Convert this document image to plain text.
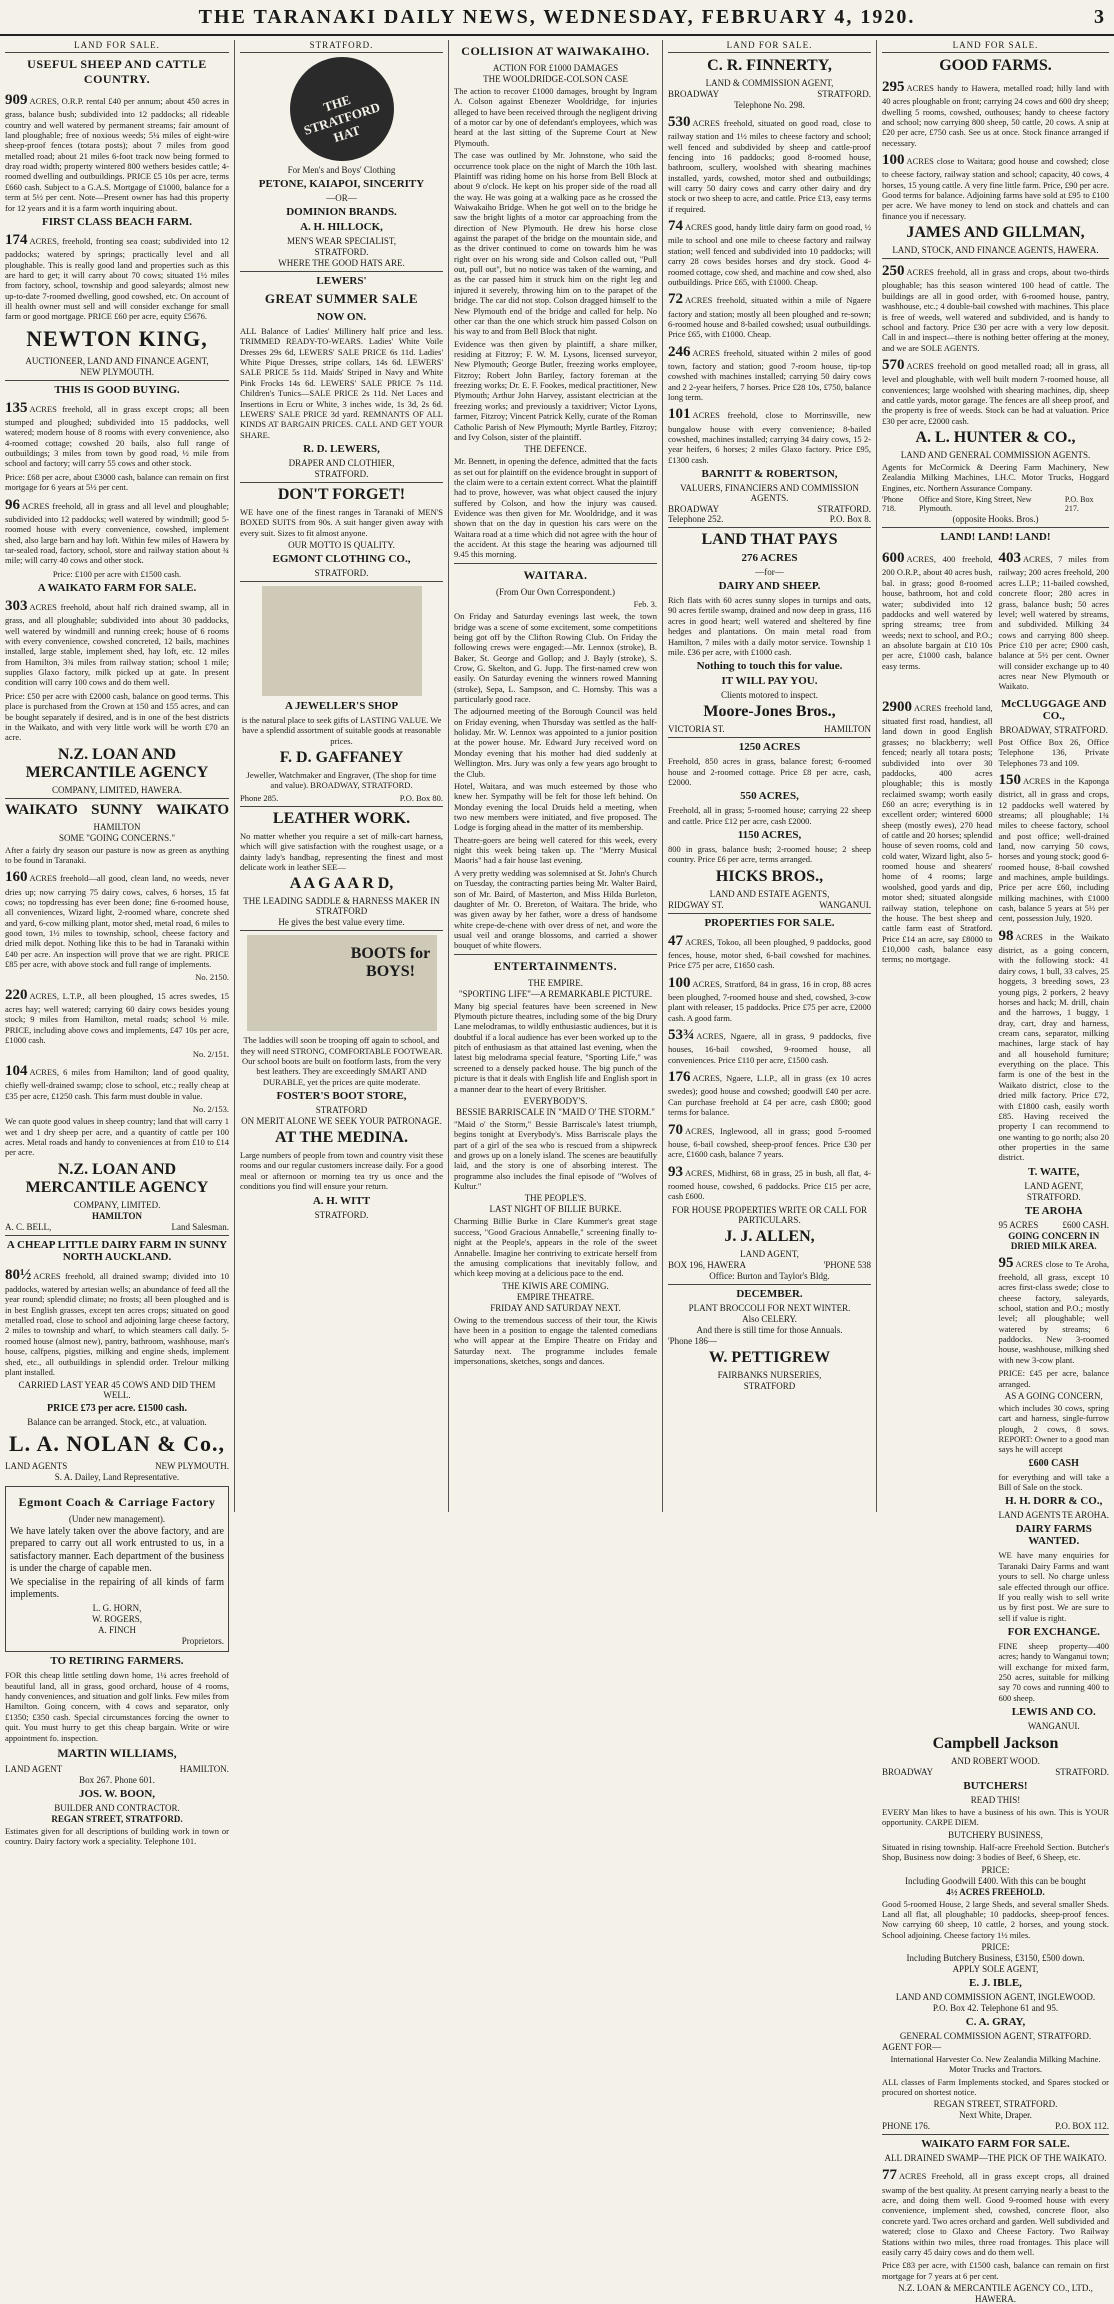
THE TARANAKI DAILY NEWS, WEDNESDAY, FEBRUARY 4, 1920.	3
LAND FOR SALE.
USEFUL SHEEP AND CATTLE COUNTRY.
909 ACRES, O.R.P. rental £40 per annum; about 450 acres in grass, balance bush; subdivided into 12 paddocks; all rideable country and well watered by permanent streams; fair amount of land ploughable; free of noxious weeds; 5¼ miles of eight-wire sheep-proof fences (totara posts); about 7 miles from good metalled road; about 21 miles 6-foot track now being formed to dray road width; property wintered 800 wethers besides cattle; 4-roomed dwelling and outbuildings. PRICE £5 10s per acre, terms £660 cash. Subject to a G.A.S. Mortgage of £1000, balance for a term at 5½ per cent. Note—Present owner has had this property for 12 years and it is a farm worth inquiring about.
FIRST CLASS BEACH FARM.
174 ACRES, freehold, fronting sea coast; subdivided into 12 paddocks; watered by springs; practically level and all ploughable. This is really good land and properties such as this are hard to get; it will carry about 70 cows; situated 1½ miles from factory, school, township and good saleyards; almost new up-to-date 7-roomed dwelling, good cowshed, etc. On account of ill health owner must sell and will consider exchange for small farm or good mortgage. PRICE £60 per acre, equity £5676.
NEWTON KING,
AUCTIONEER, LAND AND FINANCE AGENT,
NEW PLYMOUTH.
THIS IS GOOD BUYING.
135 ACRES freehold, all in grass except crops; all been stumped and ploughed; subdivided into 15 paddocks, well watered; modern house of 8 rooms with every convenience, also 4-roomed cottage; cowshed 20 bails, also full range of outbuildings; 3 miles from town by good road, ½ mile from school and factory; will carry 55 cows and other stock.

Price: £68 per acre, about £3000 cash, balance can remain on first mortgage for 6 years at 5½ per cent.

96 ACRES freehold, all in grass and all level and ploughable; subdivided into 12 paddocks; well watered by windmill; good 5-roomed house with every convenience, cowshed, implement shed, also large barn and hay loft. Within few miles of Hawera by tar-sealed road, factory, school, store and railway station about ¾ mile; will carry 40 cows and other stock.

Price: £100 per acre with £1500 cash.

A WAIKATO FARM FOR SALE.
303 ACRES freehold, about half rich drained swamp, all in grass, and all ploughable; subdivided into about 30 paddocks, well watered by windmill and running creek; house of 6 rooms with every convenience, cowshed concreted, 12 bails, machines installed, large stable, implement shed, hay loft, etc. 12 miles from Hamilton, 3¾ miles from railway station; school 1 mile; supplies Glaxo factory, milk picked up at gate. In present condition will carry 100 cows and do them well.

Price: £50 per acre with £2000 cash, balance on good terms. This place is purchased from the Crown at 150 and 155 acres, and can be bought separately if desired, and is in one of the best districts in the Waikato, and with very little work will be worth £70 an acre.

N.Z. LOAN AND MERCANTILE AGENCY
COMPANY, LIMITED, HAWERA.
WAIKATO SUNNY WAIKATO
HAMILTON
SOME "GOING CONCERNS."

After a fairly dry season our pasture is now as green as anything to be found in Taranaki.

160 ACRES freehold—all good, clean land, no weeds, never dries up; now carrying 75 dairy cows, calves, 6 horses, 15 fat cows; no topdressing has ever been done; fine 6-roomed house, all conveniences, Wizard light, 2-roomed whare, concrete shed and yard, 6-cow milking plant, motor shed, metal road, 6 miles to good town, 1½ miles to township, school, cheese factory and dried milk depot. Nothing like this to be had in Taranaki within £40 per acre. An inspection will prove that we are right. PRICE £85 per acre, with above stock and full range of implements.

No. 2150.

220 ACRES, L.T.P., all been ploughed, 15 acres swedes, 15 acres hay; well watered; carrying 60 dairy cows besides young stock; 9 miles from Hamilton, metal roads; school ½ mile. PRICE, including above cows and implements, £47 10s per acre, £1000 cash.

No. 2/151.

104 ACRES, 6 miles from Hamilton; land of good quality, chiefly well-drained swamp; close to school, etc.; really cheap at £35 per acre, £1250 cash. This farm must double in value.

No. 2/153.

We can quote good values in sheep country; land that will carry 1 wet and 1 dry sheep per acre, and a quantity of cattle per 100 acres. Metal roads and handy to conveniences at from £10 to £14 per acre.

N.Z. LOAN AND MERCANTILE AGENCY
COMPANY, LIMITED.
HAMILTON
A. C. BELL,	Land Salesman.
A CHEAP LITTLE DAIRY FARM IN SUNNY NORTH AUCKLAND.
80½ ACRES freehold, all drained swamp; divided into 10 paddocks, watered by artesian wells; an abundance of feed all the year round; splendid climate; no frosts; all been ploughed and is in best English grasses, except ten acres crops; situated on good metalled road, close to school and adjoining large cheese factory, 2 miles to township and wharf, to which steamers call daily. 5-roomed house (almost new), pantry, bathroom, washhouse, man's house, calfpens, pigsties, milking and engine sheds, implement shed, etc., all outbuildings in splendid order. Trelour milking plant installed.
CARRIED LAST YEAR 45 COWS AND DID THEM WELL.
PRICE £73 per acre. £1500 cash.
Balance can be arranged. Stock, etc., at valuation.
L. A. NOLAN & Co.,
LAND AGENTS	NEW PLYMOUTH.
S. A. Dailey, Land Representative.
Egmont Coach & Carriage Factory
(Under new management).

We have lately taken over the above factory, and are prepared to carry out all work entrusted to us, in a satisfactory manner. Each department of the business is under the charge of capable men.

We specialise in the repairing of all kinds of farm implements.

L. G. HORN,
W. ROGERS,
A. FINCH
Proprietors.
TO RETIRING FARMERS.

FOR this cheap little settling down home, 1¼ acres freehold of beautiful land, all in grass, good orchard, house of 4 rooms, handy conveniences, and situation and golf links. Few miles from Hamilton. Going concern, with 4 cows and separator, only £1350; £350 cash. Special circumstances forcing the owner to quit. You must hurry to get this cheap bargain. Write or wire appointment fo. inspection.

MARTIN WILLIAMS,
LAND AGENT	HAMILTON.
Box 267. Phone 601.
JOS. W. BOON,
BUILDER AND CONTRACTOR.
REGAN STREET, STRATFORD.

Estimates given for all descriptions of building work in town or country. Dairy factory work a speciality. Telephone 101.

STRATFORD.
THE STRATFORD HAT
For Men's and Boys' Clothing
PETONE, KAIAPOI, SINCERITY
—OR—
DOMINION BRANDS.
A. H. HILLOCK,
MEN'S WEAR SPECIALIST,
STRATFORD.
WHERE THE GOOD HATS ARE.
LEWERS'
GREAT SUMMER SALE
NOW ON.

ALL Balance of Ladies' Millinery half price and less. TRIMMED READY-TO-WEARS. Ladies' White Voile Dresses 29s 6d, LEWERS' SALE PRICE 6s 11d. Ladies' White Pique Dresses, stripe collars, 14s 6d. LEWERS' SALE PRICE 5s 11d. Maids' Striped in Navy and White Pink Frocks 14s 6d. LEWERS' SALE PRICE 7s 11d. Children's Tunics—SALE PRICE 2s 11d. Net Laces and Insertions in Ecru or White, 3 inches wide, 1s 3d, 2s 6d. LEWERS' SALE PRICE 3d yard. REMNANTS OF ALL KINDS AT BARGAIN PRICES. CALL AND GET YOUR SHARE.

R. D. LEWERS,
DRAPER AND CLOTHIER,
STRATFORD.
DON'T FORGET!

WE have one of the finest ranges in Taranaki of MEN'S BOXED SUITS from 90s. A suit hanger given away with every suit. Sizes to fit almost anyone.

OUR MOTTO IS QUALITY.
EGMONT CLOTHING CO.,
STRATFORD.
A JEWELLER'S SHOP

is the natural place to seek gifts of LASTING VALUE. We have a splendid assortment of suitable goods at reasonable prices.

F. D. GAFFANEY

Jeweller, Watchmaker and Engraver, (The shop for time and value). BROADWAY, STRATFORD.

Phone 285.	P.O. Box 80.
LEATHER WORK.

No matter whether you require a set of milk-cart harness, which will give satisfaction with the roughest usage, or a dainty lady's handbag, representing the finest and most delicate work in leather SEE—

A A G A A R D,
THE LEADING SADDLE & HARNESS MAKER IN STRATFORD
He gives the best value every time.
BOOTS for BOYS!

The laddies will soon be trooping off again to school, and they will need STRONG, COMFORTABLE FOOTWEAR. Our school boots are built on footform lasts, from the very best leathers. They are exceedingly SMART AND DURABLE, yet the prices are quite moderate.

FOSTER'S BOOT STORE,
STRATFORD
ON MERIT ALONE WE SEEK YOUR PATRONAGE.
AT THE MEDINA.

Large numbers of people from town and country visit these rooms and our regular customers increase daily. For a good meal or afternoon or morning tea try us once and the conditions you find will ensure your return.

A. H. WITT
STRATFORD.
COLLISION AT WAIWAKAIHO.
ACTION FOR £1000 DAMAGES
THE WOOLDRIDGE-COLSON CASE

The action to recover £1000 damages, brought by Ingram A. Colson against Ebenezer Wooldridge, for injuries alleged to have been received through the negligent driving of a motor car by one of defendant's employees, which was heard at the last sitting of the Supreme Court at New Plymouth.

The case was outlined by Mr. Johnstone, who said the occurrence took place on the night of March the 10th last. Plaintiff was riding home on his horse from Bell Block at about 9 o'clock. He kept on his proper side of the road all the way. He was going at a walking pace as he crossed the Waiwakaiho Bridge. When he got well on to the bridge he saw the bright lights of a motor car approaching from the direction of New Plymouth. He drew his horse close against the parapet of the bridge on the mountain side, and as the driver continued to come on towards him he was right over on his wrong side and Colson called out, "Pull out, pull out", but no notice was taken of the warning, and as the car passed him it struck him on the right leg and injured it severely, throwing him on to the parapet of the bridge. The car did not stop. Colson dragged himself to the New Plymouth end of the bridge and called for help. No other car than the one which struck him passed Colson on his way to and from Bell Block that night.

Evidence was then given by plaintiff, a share milker, residing at Fitzroy; F. W. M. Lysons, licensed surveyor, New Plymouth; George Butler, freezing works employee, Fitzroy; Robert John Bartley, factory foreman at the freezing works; Dr. E. F. Fookes, medical practitioner, New Plymouth; Arthur John Harvey, assistant electrician at the freezing works; and previously a taxidriver; Victor Lyons, farmer, Fitzroy; Vincent Patrick Kelly, curate of the Roman Catholic Parish of New Plymouth; Myrtle Bartley, Fitzroy; and Ivy Colson, sister of the plaintiff.

THE DEFENCE.

Mr. Bennett, in opening the defence, admitted that the facts as set out for plaintiff on the evidence brought in support of the claim were to a certain extent correct. What the plaintiff had to prove, however, was what object caused the injury suffered by Colson, and how the injury was caused. Evidence was then given for Mr. Wooldridge, and it was shown that on the day in question his cars were on the Waitara road at a time which did not agree with the hour of the accident. At this stage the hearing was adjourned till 9.45 this morning.

WAITARA.
(From Our Own Correspondent.)

Feb. 3.

On Friday and Saturday evenings last week, the town bridge was a scene of some excitement, some competitions being got off by the Clifton Rowing Club. On Friday the following crews were engaged:—Mr. Lennox (stroke), B. Baker, St. George and Gollop; and J. Bayly (stroke), S. Crow, G. Skelton, and G. Jupp. The first-named crew won easily. On Saturday evening the winners rowed Manning (stroke), Sepa, L. Sampson, and C. Hornsby. This was a particularly good race.

The adjourned meeting of the Borough Council was held on Friday evening, when Thursday was settled as the half-holiday. Mr. W. Lennox was appointed to a junior position at the power house. Mr. Edward Jury received word on Monday evening that his mother had died suddenly at Wellington. Mrs. Jury was only a few years ago brought to the Club.

Hotel, Waitara, and was much esteemed by those who knew her. Sympathy will be felt for those left behind. On Monday evening the local Druids held a meeting, when two new members were initiated, and five proposed. The Lodge is forging ahead in the matter of its membership.

Theatre-goers are being well catered for this week, every night this week being taken up. The "Merry Musical Maoris" had a fair house last evening.

A very pretty wedding was solemnised at St. John's Church on Tuesday, the contracting parties being Mr. Walter Baird, son of Mr. Baird, of Masterton, and Miss Hilda Burleton, daughter of Mr. O. Brereton, of Waitara. The bride, who was given away by her father, wore a dress of handsome white crepe-de-chene with over dress of net, and wore the usual veil and orange blossoms, and carried a shower bouquet of white flowers.

ENTERTAINMENTS.
THE EMPIRE.
"SPORTING LIFE"—A REMARKABLE PICTURE.

Many big special features have been screened in New Plymouth picture theatres, including some of the big Drury Lane melodramas, to wildly enthusiastic audiences, but it is doubtful if a local audience has ever been worked up to the pitch of enthusiasm as that attained last evening, when the latest big melodrama special feature, "Sporting Life," was screened to a densely packed house. The big punch of the picture is that it deals with English life and English sport in a manner dear to the heart of every Britisher.

EVERYBODY'S.
BESSIE BARRISCALE IN "MAID O' THE STORM."

"Maid o' the Storm," Bessie Barriscale's latest triumph, begins tonight at Everybody's. Miss Barriscale plays the part of a girl of the sea who is rescued from a shipwreck and grows up on a lonely island. The scenes are beautifully laid, and the story is one of absorbing interest. The programme also includes the final episode of "Wolves of Kultur."

THE PEOPLE'S.
LAST NIGHT OF BILLIE BURKE.

Charming Billie Burke in Clare Kummer's great stage success, "Good Gracious Annabelle," screening finally to-night at the People's, appears in the role of the sweet Annabelle. Imagine her contriving to extricate herself from the amusing complications that inevitably follow, and which keep moving at a delicious pace to the end.

THE KIWIS ARE COMING.
EMPIRE THEATRE.
FRIDAY AND SATURDAY NEXT.

Owing to the tremendous success of their tour, the Kiwis have been in a position to engage the talented comedians who will appear at the Empire Theatre on Friday and Saturday next. The programme includes female impersonations, sketches, songs and dances.

LAND FOR SALE.
C. R. FINNERTY,
LAND & COMMISSION AGENT,
BROADWAY	STRATFORD.
Telephone No. 298.
530 ACRES freehold, situated on good road, close to railway station and 1½ miles to cheese factory and school; well fenced and subdivided by sheep and cattle-proof fencing into 16 paddocks; good 8-roomed house, bathroom, scullery, woolshed with shearing machines installed, yards, cowshed, motor shed and outbuildings; will carry 50 dairy cows and carry other dairy and dry stock or two sheep to acre, and cattle. Price £13, easy terms if required.
74 ACRES good, handy little dairy farm on good road, ½ mile to school and one mile to cheese factory and railway station; well fenced and subdivided into 10 paddocks; will carry 28 cows besides horses and dry stock. Good 4-roomed cottage, cow shed, and machine and cow shed, also outbuildings. Price £65, with £1000. Cheap.
72 ACRES freehold, situated within a mile of Ngaere factory and station; mostly all been ploughed and re-sown; 6-roomed house and 8-bailed cowshed; usual outbuildings. Price £65, with £1000. Cheap.
246 ACRES freehold, situated within 2 miles of good town, factory and station; good 7-room house, tip-top cowshed with machines installed; carrying 50 dairy cows and 2 2-year heifers, 7 horses. Price £28 10s, £750, balance long term.
101 ACRES freehold, close to Morrinsville, new bungalow house with every convenience; 8-bailed cowshed, machines installed; carrying 34 dairy cows, 15 2-year heifers, 6 horses; 2 miles Glaxo factory. Price £95, £1300 cash.
BARNITT & ROBERTSON,
VALUERS, FINANCIERS AND COMMISSION AGENTS.
BROADWAY	STRATFORD.
Telephone 252.	P.O. Box 8.
LAND THAT PAYS
276 ACRES
—for—
DAIRY AND SHEEP.

Rich flats with 60 acres sunny slopes in turnips and oats, 90 acres fertile swamp, drained and now deep in grass, 116 acres in good heart; well watered and sheltered by fine hedges and plantations. On main metal road from Hamilton, 7 miles with a daily motor service. Township 1 mile. £36 per acre, with £1000 cash.

Nothing to touch this for value.
IT WILL PAY YOU.
Clients motored to inspect.
Moore-Jones Bros.,
VICTORIA ST.	HAMILTON
1250 ACRES

Freehold, 850 acres in grass, balance forest; 6-roomed house and 2-roomed cottage. Price £8 per acre, cash, £2000.

550 ACRES,

Freehold, all in grass; 5-roomed house; carrying 22 sheep and cattle. Price £12 per acre, cash £2000.

1150 ACRES,

800 in grass, balance bush; 2-roomed house; 2 sheep country. Price £6 per acre, terms arranged.

HICKS BROS.,
LAND AND ESTATE AGENTS,
RIDGWAY ST.	WANGANUI.
PROPERTIES FOR SALE.
47 ACRES, Tokoo, all been ploughed, 9 paddocks, good fences, house, motor shed, 6-bail cowshed for machines. Price £75 per acre, £1650 cash.
100 ACRES, Stratford, 84 in grass, 16 in crop, 88 acres been ploughed, 7-roomed house and shed, cowshed, 3-cow plant with releaser, 15 paddocks. Price £75 per acre, £2000 cash. A good farm.
53¾ ACRES, Ngaere, all in grass, 9 paddocks, five houses, 16-bail cowshed, 9-roomed house, all conveniences. Price £110 per acre, £1500 cash.
176 ACRES, Ngaere, L.I.P., all in grass (ex 10 acres swedes); good house and cowshed; goodwill £40 per acre. Can purchase freehold at £4 per acre, cash £800; good terms for balance.
70 ACRES, Inglewood, all in grass; good 5-roomed house, 6-bail cowshed, sheep-proof fences. Price £30 per acre, £1600 cash, balance 7 years.
93 ACRES, Midhirst, 68 in grass, 25 in bush, all flat, 4-roomed house, cowshed, 6 paddocks. Price £15 per acre, cash £600.
FOR HOUSE PROPERTIES WRITE OR CALL FOR PARTICULARS.
J. J. ALLEN,
LAND AGENT,
BOX 196, HAWERA	'PHONE 538
Office: Burton and Taylor's Bldg.
DECEMBER.
PLANT BROCCOLI FOR NEXT WINTER.
Also CELERY.
And there is still time for those Annuals.
'Phone 186—
W. PETTIGREW
FAIRBANKS NURSERIES,
STRATFORD
LAND FOR SALE.
GOOD FARMS.
295 ACRES handy to Hawera, metalled road; hilly land with 40 acres ploughable on front; carrying 24 cows and 600 dry sheep; dwelling 5 rooms, cowshed, outhouses; handy to cheese factory and school; now carrying 800 sheep, 50 cattle, 20 cows. A snip at £20 per acre, £750 cash. See us at once. Stock finance arranged if necessary.
100 ACRES close to Waitara; good house and cowshed; close to cheese factory, railway station and school; capacity, 40 cows, 4 horses, 15 young cattle. A very fine little farm. Price, £90 per acre. Good terms for balance. Adjoining farms have sold at £95 to £100 per acre. We have money to lend on stock and chattels and can finance you if necessary.
JAMES AND GILLMAN,
LAND, STOCK, AND FINANCE AGENTS, HAWERA.
250 ACRES freehold, all in grass and crops, about two-thirds ploughable; has this season wintered 100 head of cattle. The buildings are all in good order, with 6-roomed house, pantry, washhouse, etc.; 4 double-bail cowshed with machines. This place is free of weeds, well watered and subdivided, and is handy to school and factory. Price £30 per acre with a very low deposit. Call in and inspect—there is nothing better offering at the money, and we are SOLE AGENTS.
570 ACRES freehold on good metalled road; all in grass, all level and ploughable, with well built modern 7-roomed house, all conveniences; large woolshed with shearing machines, dip, sheep and cattle yards, motor garage. The fences are all sheep proof, and the property is free of weeds. Stock can be had at valuation. Price £30 per acre, £2000 cash.
A. L. HUNTER & CO.,
LAND AND GENERAL COMMISSION AGENTS.

Agents for McCormick & Deering Farm Machinery, New Zealandia Milking Machines, LH.C. Motor Trucks, Hoggard Engines, etc. Northern Assurance Company.

'Phone 718.
Office and Store, King Street, New Plymouth.
P.O. Box 217.
(opposite Hooks. Bros.)
LAND! LAND! LAND!
600 ACRES, 400 freehold, 200 O.R.P., about 40 acres bush, bal. in grass; good 8-roomed house, bathroom, hot and cold water; subdivided into 12 paddocks and well watered by spring streams; tree from weeds; next to school, and P.O.; an absolute bargain at £10 10s per acre, £1000 cash, balance easy terms.
403 ACRES, 7 miles from railway; 200 acres freehold, 200 acres L.I.P.; 11-bailed cowshed, concrete floor; 280 acres in grass, balance bush; 50 acres level; well watered by streams, and subdivided. Milking 34 cows and carrying 800 sheep. Price £10 per acre; £900 cash, balance at 5½ per cent. Owner will consider exchange up to 40 acres near New Plymouth or Waikato.
2900 ACRES freehold land, situated first road, handiest, all land down in good English grasses; no blackberry; well fenced; nearly all totara posts; subdivided into over 30 paddocks, 400 acres ploughable; this is mostly reclaimed swamp; worth easily £60 an acre; everything is in excellent order; wintered 6000 sheep (mostly ewes), 270 head of cattle and 20 horses; splendid house of seven rooms, cold and cold water, Wizard light, also 5-roomed house and shearers' home of 4 rooms; large woolshed, good yards and dip, motor shed; situated alongside railway station, telephone on the house. The best sheep and cattle farm east of Stratford. Price £14 an acre, say £8000 to £10,000 cash, balance easy terms; no mortgage.
McCLUGGAGE AND CO.,
BROADWAY, STRATFORD.

Post Office Box 26, Office Telephone 136, Private Telephones 73 and 109.

150 ACRES in the Kaponga district, all in grass and crops, 12 paddocks well watered by streams; all ploughable; 1¾ miles to cheese factory, school and post office; well-drained land, now carrying 50 cows, horses and young stock; good 6-roomed house, 8-bail cowshed and machines, ample buildings. Price per acre £60, including milking machines, with £1000 cash, balance 5 years at 5½ per cent, possession July, 1920.
98 ACRES in the Waikato district, as a going concern, with the following stock: 41 dairy cows, 1 bull, 33 calves, 25 hoggets, 3 breeding sows, 23 young pigs, 2 porkers, 2 heavy horses and hack; M. drill, chain and the harrows, 1 buggy, 1 dray, cart, dray and harness, cream cans, separator, milking machines, large stack of hay and all household furniture; everything on the place. This farm is one of the best in the Waikato district, close to the dried milk factory. Price £72, with £1800 cash, easily worth £85. Having received the property I can recommend to one wanting to go north; also 20 other properties in the same district.
T. WAITE,
LAND AGENT,
STRATFORD.
TE AROHA
95 ACRES	£600 CASH.
GOING CONCERN IN DRIED MILK AREA.
95 ACRES close to Te Aroha, freehold, all grass, except 10 acres first-class swede; close to cheese factory, saleyards, school, station and P.O.; mostly level; all ploughable; well watered by streams; 6 paddocks. New 3-roomed house, washhouse, milking shed with new 3-cow plant.

PRICE: £45 per acre, balance arranged.

AS A GOING CONCERN,

which includes 30 cows, spring cart and harness, single-furrow plough, 2 cows, 8 sows. REPORT: Owner to a good man says he will accept

£600 CASH

for everything and will take a Bill of Sale on the stock.

H. H. DORR & CO.,
LAND AGENTS TE AROHA.
DAIRY FARMS WANTED.

WE have many enquiries for Taranaki Dairy Farms and want yours to sell. No charge unless sale effected through our office. If you really wish to sell write us by first post. We are sure to sell if value is right.

FOR EXCHANGE.

FINE sheep property—400 acres; handy to Wanganui town; will exchange for mixed farm, 250 acres, suitable for milking say 70 cows and running 400 to 600 sheep.

LEWIS AND CO.
WANGANUI.
Campbell Jackson
AND ROBERT WOOD.
BROADWAY	STRATFORD.
BUTCHERS!
READ THIS!

EVERY Man likes to have a business of his own. This is YOUR opportunity. CARPE DIEM.

BUTCHERY BUSINESS,

Situated in rising township. Half-acre Freehold Section. Butcher's Shop, Business now doing: 3 bodies of Beef, 6 Sheep, etc.

PRICE:
Including Goodwill £400. With this can be bought
4½ ACRES FREEHOLD.

Good 5-roomed House, 2 large Sheds, and several smaller Sheds. Land all flat, all ploughable; 10 paddocks, sheep-proof fences. Now carrying 60 sheep, 10 cattle, 2 horses, and young stock. School adjoining. Cheese factory 1½ miles.

PRICE:
Including Butchery Business, £3150, £500 down.
APPLY SOLE AGENT,
E. J. IBLE,
LAND AND COMMISSION AGENT, INGLEWOOD.
P.O. Box 42. Telephone 61 and 95.
C. A. GRAY,
GENERAL COMMISSION AGENT, STRATFORD.
AGENT FOR—

International Harvester Co. New Zealandia Milking Machine. Motor Trucks and Tractors.

ALL classes of Farm Implements stocked, and Spares stocked or procured on shortest notice.

REGAN STREET, STRATFORD.
Next White, Draper.
PHONE 176.	P.O. BOX 112.
WAIKATO FARM FOR SALE.
ALL DRAINED SWAMP—THE PICK OF THE WAIKATO.
77 ACRES Freehold, all in grass except crops, all drained swamp of the best quality. At present carrying nearly a beast to the acre, and doing them well. Good 9-roomed house with every convenience, implement shed, cowshed, concrete floor, also concrete yard. Two acres orchard and garden. Well subdivided and watered; close to Glaxo and Cheese Factory. Two Railway Stations within two miles, three road frontages. This place will easily carry 45 dairy cows and do them well.

Price £83 per acre, with £1500 cash, balance can remain on first mortgage for 7 years at 6 per cent.

N.Z. LOAN & MERCANTILE AGENCY CO., LTD.,
HAWERA.
